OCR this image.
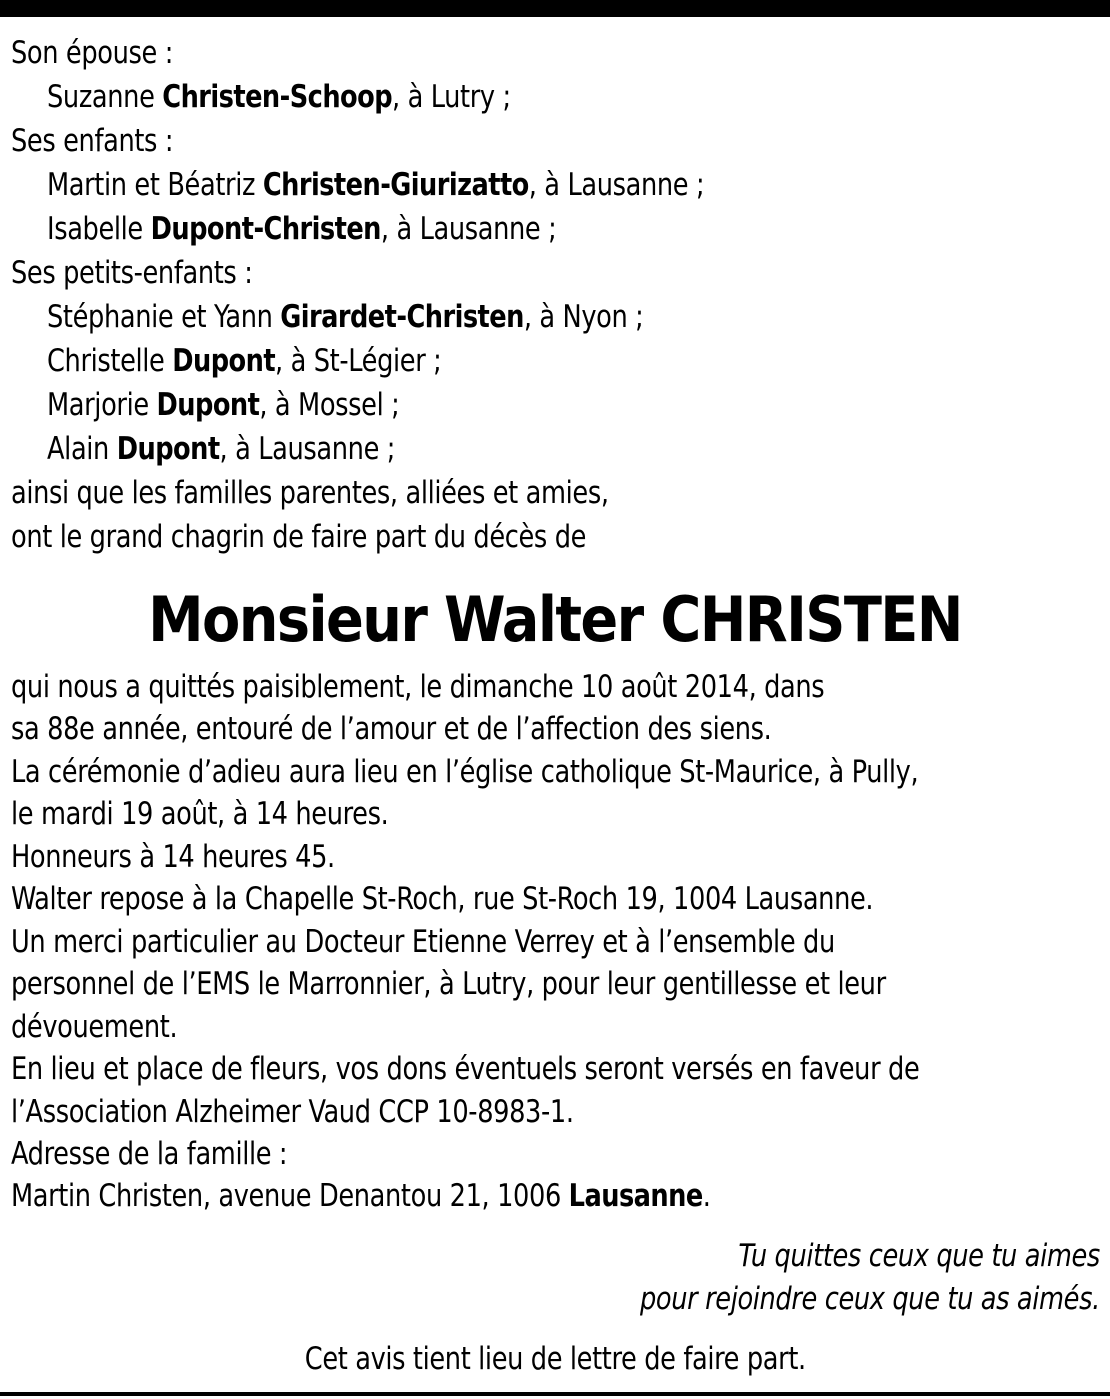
Son épouse :
Suzanne Christen-Schoop, à Lutry ;
Ses enfants :
Martin et Béatriz Christen-Giurizatto, à Lausanne ;
Isabelle Dupont-Christen, à Lausanne ;
Ses petits-enfants :
Stéphanie et Yann Girardet-Christen, à Nyon ;
Christelle Dupont, à St-Légier ;
Marjorie Dupont, à Mossel ;
Alain Dupont, à Lausanne ;
ainsi que les familles parentes, alliées et amies,
ont le grand chagrin de faire part du décès de
Monsieur Walter CHRISTEN
qui nous a quittés paisiblement, le dimanche 10 août 2014, dans
sa 88e année, entouré de l’amour et de l’affection des siens.
La cérémonie d’adieu aura lieu en l’église catholique St-Maurice, à Pully,
le mardi 19 août, à 14 heures.
Honneurs à 14 heures 45.
Walter repose à la Chapelle St-Roch, rue St-Roch 19, 1004 Lausanne.
Un merci particulier au Docteur Etienne Verrey et à l’ensemble du
personnel de l’EMS le Marronnier, à Lutry, pour leur gentillesse et leur
dévouement.
En lieu et place de fleurs, vos dons éventuels seront versés en faveur de
l’Association Alzheimer Vaud CCP 10-8983-1.
Adresse de la famille :
Martin Christen, avenue Denantou 21, 1006 Lausanne.
Tu quittes ceux que tu aimes
pour rejoindre ceux que tu as aimés.
Cet avis tient lieu de lettre de faire part.
